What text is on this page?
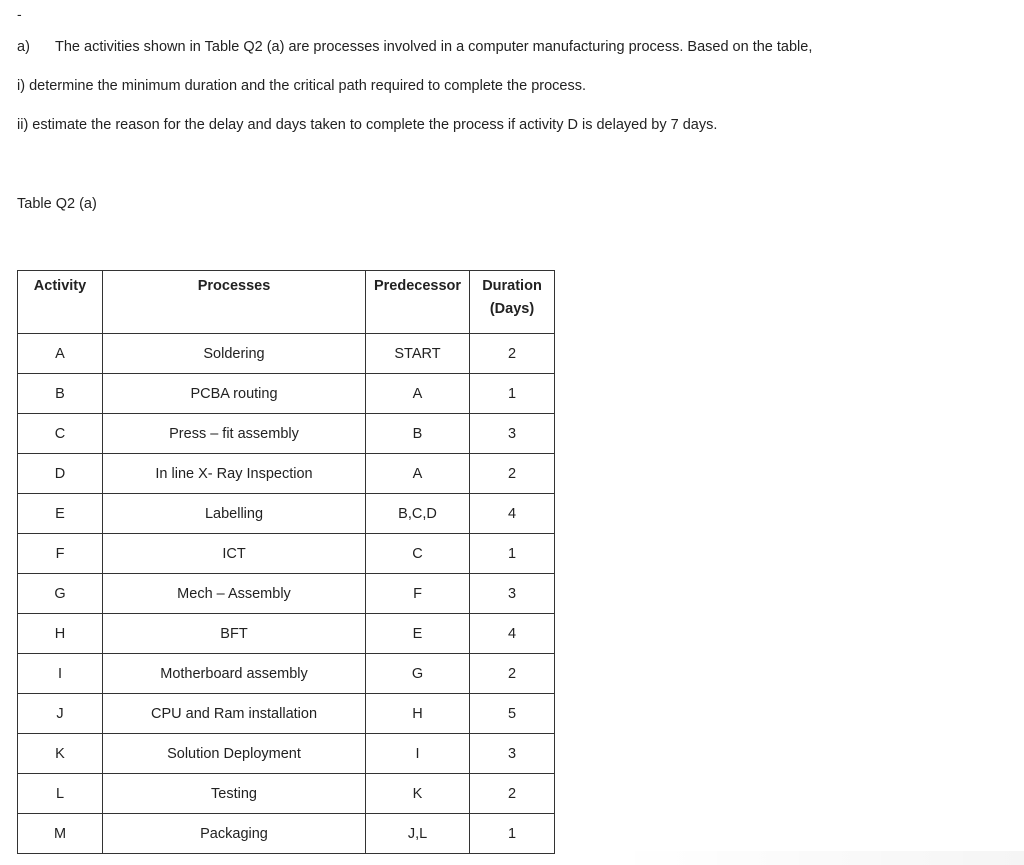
-
a) The activities shown in Table Q2 (a) are processes involved in a computer manufacturing process. Based on the table,
i) determine the minimum duration and the critical path required to complete the process.
ii) estimate the reason for the delay and days taken to complete the process if activity D is delayed by 7 days.
Table Q2 (a)
Activity	Processes	Predecessor	Duration
(Days)
A	Soldering	START	2
B	PCBA routing	A	1
C	Press – fit assembly	B	3
D	In line X- Ray Inspection	A	2
E	Labelling	B,C,D	4
F	ICT	C	1
G	Mech – Assembly	F	3
H	BFT	E	4
I	Motherboard assembly	G	2
J	CPU and Ram installation	H	5
K	Solution Deployment	I	3
L	Testing	K	2
M	Packaging	J,L	1
